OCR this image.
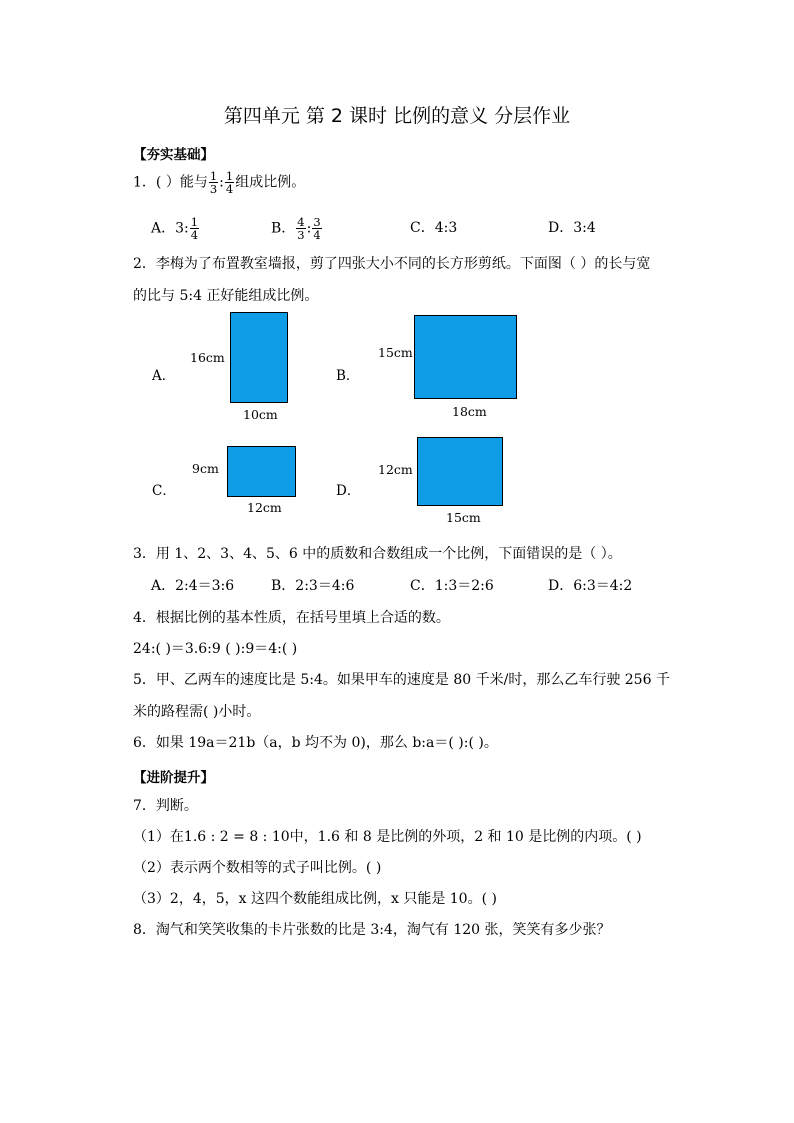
第四单元 第 2 课时 比例的意义 分层作业
【夯实基础】
1．( ）能与 $\frac{1}{3}$ : $\frac{1}{4}$ 组成比例。
A．3: $\frac{1}{4}$	B． $\frac{4}{3}$ : $\frac{3}{4}$	C．4:3	D．3:4
2．李梅为了布置教室墙报，剪了四张大小不同的长方形剪纸。下面图（ ）的长与宽
的比与 5:4 正好能组成比例。
A．
16cm
10cm
B．
15cm
18cm
C．
9cm
12cm
D．
12cm
15cm
3．用 1、2、3、4、5、6 中的质数和合数组成一个比例，下面错误的是（ ）。
A．2:4＝3:6	B．2:3＝4:6	C．1:3＝2:6	D．6:3＝4:2
4．根据比例的基本性质，在括号里填上合适的数。
24:( )＝3.6:9 ( ):9＝4:( )
5．甲、乙两车的速度比是 5:4。如果甲车的速度是 80 千米/时，那么乙车行驶 256 千
米的路程需( )小时。
6．如果 19a＝21b（a，b 均不为 0)，那么 b:a＝( ):( )。
【进阶提升】
7．判断。
（1）在1.6 : 2 = 8 : 10中，1.6 和 8 是比例的外项，2 和 10 是比例的内项。( )
（2）表示两个数相等的式子叫比例。( )
（3）2，4，5，x 这四个数能组成比例，x 只能是 10。( )
8．淘气和笑笑收集的卡片张数的比是 3:4，淘气有 120 张，笑笑有多少张？
